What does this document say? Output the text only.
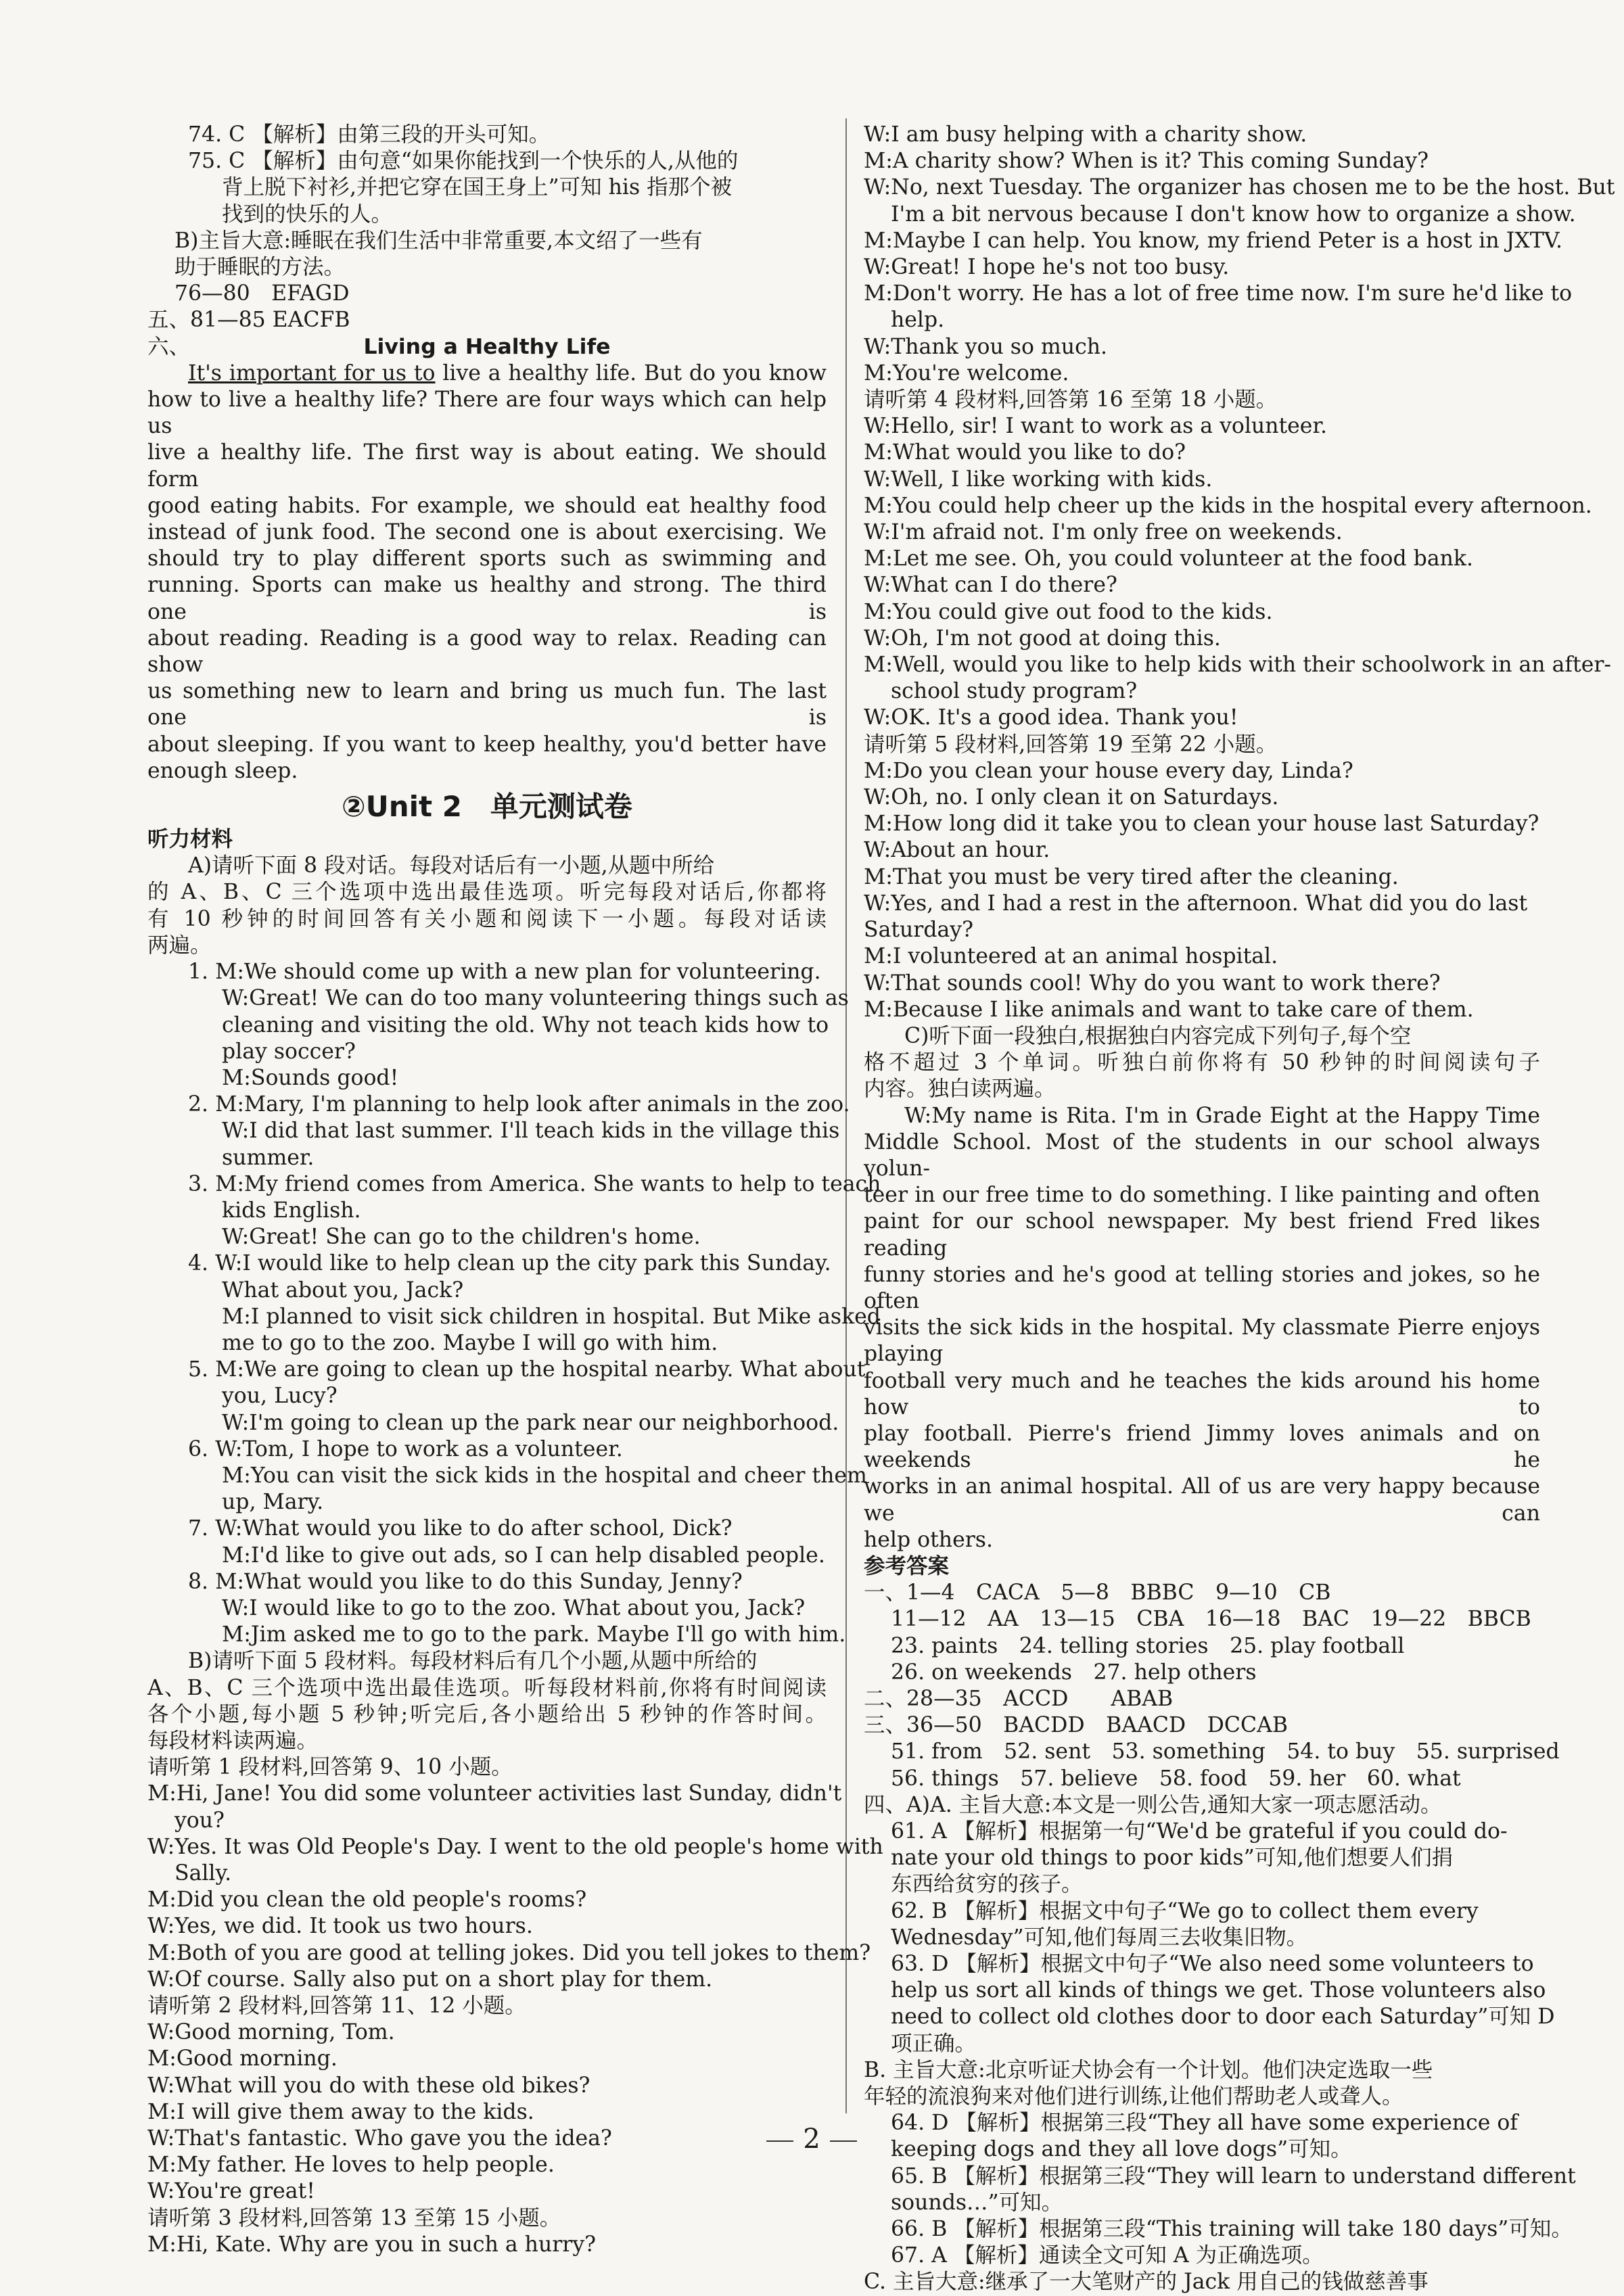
74. C 【解析】由第三段的开头可知。
75. C 【解析】由句意“如果你能找到一个快乐的人,从他的
背上脱下衬衫,并把它穿在国王身上”可知 his 指那个被
找到的快乐的人。
B)主旨大意:睡眠在我们生活中非常重要,本文绍了一些有
助于睡眠的方法。
76—80　EFAGD
五、81—85 EACFB
六、	Living a Healthy Life
It's important for us to live a healthy life. But do you know
how to live a healthy life? There are four ways which can help us
live a healthy life. The first way is about eating. We should form
good eating habits. For example, we should eat healthy food
instead of junk food. The second one is about exercising. We
should try to play different sports such as swimming and
running. Sports can make us healthy and strong. The third one is
about reading. Reading is a good way to relax. Reading can show
us something new to learn and bring us much fun. The last one is
about sleeping. If you want to keep healthy, you'd better have
enough sleep.
②Unit 2　单元测试卷
听力材料
A)请听下面 8 段对话。每段对话后有一小题,从题中所给
的 A、B、C 三个选项中选出最佳选项。听完每段对话后,你都将
有 10 秒钟的时间回答有关小题和阅读下一小题。每段对话读
两遍。
1. M:We should come up with a new plan for volunteering.
W:Great! We can do too many volunteering things such as
cleaning and visiting the old. Why not teach kids how to
play soccer?
M:Sounds good!
2. M:Mary, I'm planning to help look after animals in the zoo.
W:I did that last summer. I'll teach kids in the village this
summer.
3. M:My friend comes from America. She wants to help to teach
kids English.
W:Great! She can go to the children's home.
4. W:I would like to help clean up the city park this Sunday.
What about you, Jack?
M:I planned to visit sick children in hospital. But Mike asked
me to go to the zoo. Maybe I will go with him.
5. M:We are going to clean up the hospital nearby. What about
you, Lucy?
W:I'm going to clean up the park near our neighborhood.
6. W:Tom, I hope to work as a volunteer.
M:You can visit the sick kids in the hospital and cheer them
up, Mary.
7. W:What would you like to do after school, Dick?
M:I'd like to give out ads, so I can help disabled people.
8. M:What would you like to do this Sunday, Jenny?
W:I would like to go to the zoo. What about you, Jack?
M:Jim asked me to go to the park. Maybe I'll go with him.
B)请听下面 5 段材料。每段材料后有几个小题,从题中所给的
A、B、C 三个选项中选出最佳选项。听每段材料前,你将有时间阅读
各个小题,每小题 5 秒钟;听完后,各小题给出 5 秒钟的作答时间。
每段材料读两遍。
请听第 1 段材料,回答第 9、10 小题。
M:Hi, Jane! You did some volunteer activities last Sunday, didn't
you?
W:Yes. It was Old People's Day. I went to the old people's home with
Sally.
M:Did you clean the old people's rooms?
W:Yes, we did. It took us two hours.
M:Both of you are good at telling jokes. Did you tell jokes to them?
W:Of course. Sally also put on a short play for them.
请听第 2 段材料,回答第 11、12 小题。
W:Good morning, Tom.
M:Good morning.
W:What will you do with these old bikes?
M:I will give them away to the kids.
W:That's fantastic. Who gave you the idea?
M:My father. He loves to help people.
W:You're great!
请听第 3 段材料,回答第 13 至第 15 小题。
M:Hi, Kate. Why are you in such a hurry?
W:I am busy helping with a charity show.
M:A charity show? When is it? This coming Sunday?
W:No, next Tuesday. The organizer has chosen me to be the host. But
I'm a bit nervous because I don't know how to organize a show.
M:Maybe I can help. You know, my friend Peter is a host in JXTV.
W:Great! I hope he's not too busy.
M:Don't worry. He has a lot of free time now. I'm sure he'd like to
help.
W:Thank you so much.
M:You're welcome.
请听第 4 段材料,回答第 16 至第 18 小题。
W:Hello, sir! I want to work as a volunteer.
M:What would you like to do?
W:Well, I like working with kids.
M:You could help cheer up the kids in the hospital every afternoon.
W:I'm afraid not. I'm only free on weekends.
M:Let me see. Oh, you could volunteer at the food bank.
W:What can I do there?
M:You could give out food to the kids.
W:Oh, I'm not good at doing this.
M:Well, would you like to help kids with their schoolwork in an after-
school study program?
W:OK. It's a good idea. Thank you!
请听第 5 段材料,回答第 19 至第 22 小题。
M:Do you clean your house every day, Linda?
W:Oh, no. I only clean it on Saturdays.
M:How long did it take you to clean your house last Saturday?
W:About an hour.
M:That you must be very tired after the cleaning.
W:Yes, and I had a rest in the afternoon. What did you do last
Saturday?
M:I volunteered at an animal hospital.
W:That sounds cool! Why do you want to work there?
M:Because I like animals and want to take care of them.
C)听下面一段独白,根据独白内容完成下列句子,每个空
格不超过 3 个单词。听独白前你将有 50 秒钟的时间阅读句子
内容。独白读两遍。
W:My name is Rita. I'm in Grade Eight at the Happy Time
Middle School. Most of the students in our school always volun-
teer in our free time to do something. I like painting and often
paint for our school newspaper. My best friend Fred likes reading
funny stories and he's good at telling stories and jokes, so he often
visits the sick kids in the hospital. My classmate Pierre enjoys playing
football very much and he teaches the kids around his home how to
play football. Pierre's friend Jimmy loves animals and on weekends he
works in an animal hospital. All of us are very happy because we can
help others.
参考答案
一、1—4　CACA　5—8　BBBC　9—10　CB
11—12　AA　13—15　CBA　16—18　BAC　19—22　BBCB
23. paints　24. telling stories　25. play football
26. on weekends　27. help others
二、28—35　ACCD　　ABAB
三、36—50　BACDD　BAACD　DCCAB
51. from　52. sent　53. something　54. to buy　55. surprised
56. things　57. believe　58. food　59. her　60. what
四、A)A. 主旨大意:本文是一则公告,通知大家一项志愿活动。
61. A 【解析】根据第一句“We'd be grateful if you could do-
nate your old things to poor kids”可知,他们想要人们捐
东西给贫穷的孩子。
62. B 【解析】根据文中句子“We go to collect them every
Wednesday”可知,他们每周三去收集旧物。
63. D 【解析】根据文中句子“We also need some volunteers to
help us sort all kinds of things we get. Those volunteers also
need to collect old clothes door to door each Saturday”可知 D
项正确。
B. 主旨大意:北京听证犬协会有一个计划。他们决定选取一些
年轻的流浪狗来对他们进行训练,让他们帮助老人或聋人。
64. D 【解析】根据第三段“They all have some experience of
keeping dogs and they all love dogs”可知。
65. B 【解析】根据第三段“They will learn to understand different
sounds…”可知。
66. B 【解析】根据第三段“This training will take 180 days”可知。
67. A 【解析】通读全文可知 A 为正确选项。
C. 主旨大意:继承了一大笔财产的 Jack 用自己的钱做慈善事
2
